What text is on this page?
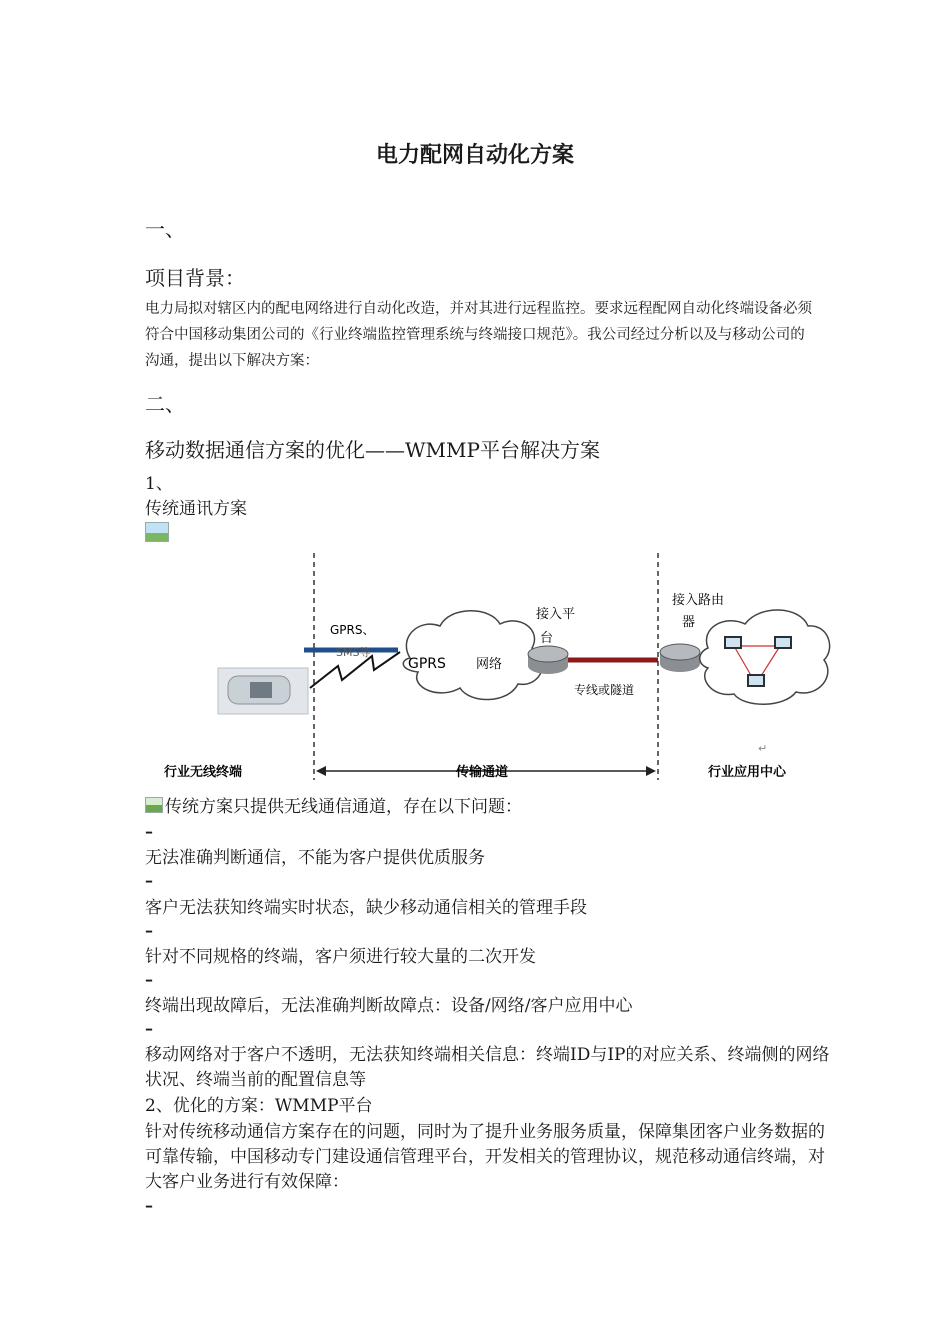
电力配网自动化方案
一、
项目背景：
电力局拟对辖区内的配电网络进行自动化改造，并对其进行远程监控。要求远程配网自动化终端设备必须符合中国移动集团公司的《行业终端监控管理系统与终端接口规范》。我公司经过分析以及与移动公司的沟通，提出以下解决方案：
二、
移动数据通信方案的优化——WMMP平台解决方案
1、
传统通讯方案
GPRS、
SMS等
GPRS 网络
接入平
台
专线或隧道
接入路由
器
行业无线终端	传输通道	行业应用中心
↵
传统方案只提供无线通信通道，存在以下问题：
–
无法准确判断通信，不能为客户提供优质服务
–
客户无法获知终端实时状态，缺少移动通信相关的管理手段
–
针对不同规格的终端，客户须进行较大量的二次开发
–
终端出现故障后，无法准确判断故障点：设备/网络/客户应用中心
–
移动网络对于客户不透明，无法获知终端相关信息：终端ID与IP的对应关系、终端侧的网络状况、终端当前的配置信息等
2、优化的方案：WMMP平台
针对传统移动通信方案存在的问题，同时为了提升业务服务质量，保障集团客户业务数据的可靠传输，中国移动专门建设通信管理平台，开发相关的管理协议，规范移动通信终端，对大客户业务进行有效保障：
–
